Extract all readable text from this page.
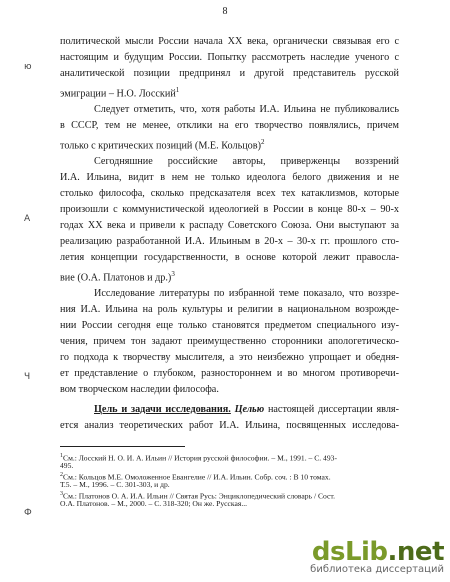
8
ю
А
Ч
Ф
политической мысли России начала XX века, органически связывая его с
настоящим и будущим России. Попытку рассмотреть наследие ученого с
аналитической позиции предпринял и другой представитель русской
эмиграции – Н.О. Лосский$^1$
Следует отметить, что, хотя работы И.А. Ильина не публиковались
в СССР, тем не менее, отклики на его творчество появлялись, причем
только с критических позиций (М.Е. Кольцов)$^2$
Сегодняшние российские авторы, приверженцы воззрений
И.А. Ильина, видит в нем не только идеолога белого движения и не
столько философа, сколько предсказателя всех тех катаклизмов, которые
произошли с коммунистической идеологией в России в конце 80-х – 90-х
годах XX века и привели к распаду Советского Союза. Они выступают за
реализацию разработанной И.А. Ильиным в 20-х – 30-х гг. прошлого сто-
летия концепции государственности, в основе которой лежит правосла-
вие (О.А. Платонов и др.)$^3$
Исследование литературы по избранной теме показало, что воззре-
ния И.А. Ильина на роль культуры и религии в национальном возрожде-
нии России сегодня еще только становятся предметом специального изу-
чения, причем тон задают преимущественно сторонники апологетическо-
го подхода к творчеству мыслителя, а это неизбежно упрощает и обедня-
ет представление о глубоком, разностороннем и во многом противоречи-
вом творческом наследии философа.
$^1$См.: Лосский Н. О. И. А. Ильин // История русской философии. – М., 1991. – С. 493-
495.
$^2$См.: Кольцов М.Е. Омоложенное Евангелие // И.А. Ильин. Собр. соч. : В 10 томах.
Т.5. – М., 1996. – С. 301-303, и др.
$^3$См.: Платонов О. А. И.А. Ильин // Святая Русь: Энциклопедический словарь / Сост.
О.А. Платонов. – М., 2000. – С. 318-320; Он же. Русская...
Цель и задачи исследования. Целью настоящей диссертации явля-
ется анализ теоретических работ И.А. Ильина, посвященных исследова-
dsLib.net
библиотека диссертаций
